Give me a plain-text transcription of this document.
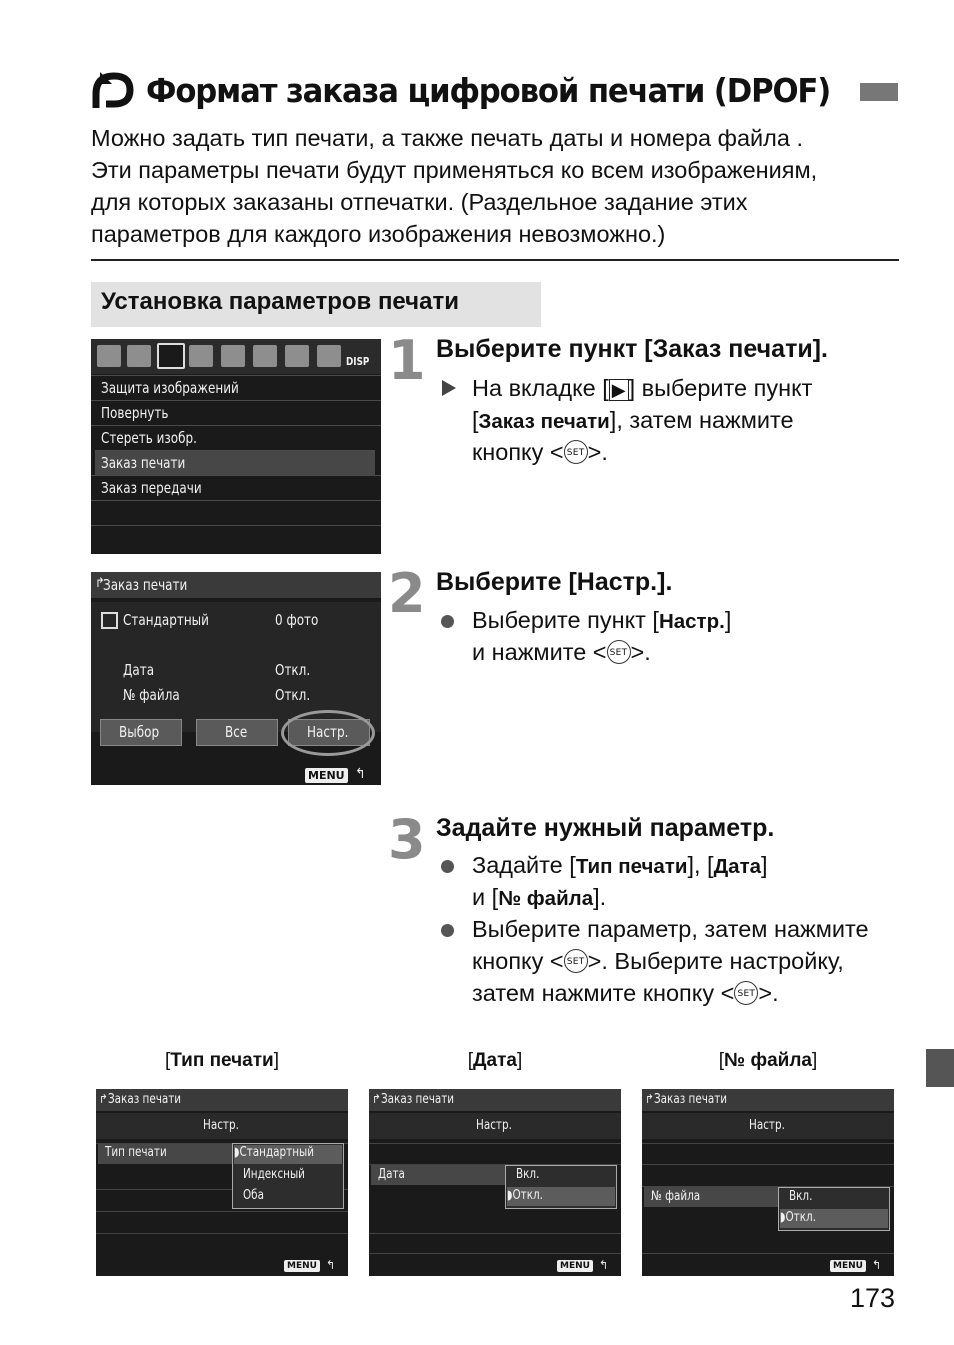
Формат заказа цифровой печати (DPOF)

Можно задать тип печати, а также печать даты и номера файла .

Эти параметры печати будут применяться ко всем изображениям,

для которых заказаны отпечатки. (Раздельное задание этих

параметров для каждого изображения невозможно.)

Установка параметров печати
DISP
Защита изображений
Повернуть
Стереть изобр.
Заказ печати
Заказ передачи
Заказ печати
↱
Стандартный	0 фото
Дата	Откл.
№ файла	Откл.
Выбор	Все	Настр.
MENU ↰
1 Выберите пункт [Заказ печати].
На вкладке [ ▶ ] выберите пункт
[Заказ печати], затем нажмите
кнопку < SET >.
2 Выберите [Настр.].
Выберите пункт [Настр.]
и нажмите < SET >.
3 Задайте нужный параметр.
Задайте [Тип печати], [Дата]
и [№ файла].
Выберите параметр, затем нажмите
кнопку < SET >. Выберите настройку,
затем нажмите кнопку < SET >.
[Тип печати]	[Дата]	[№ файла]
Заказ печати
↱
Настр.
Тип печати	◗Стандартный
Индексный
Оба
MENU ↰
Заказ печати
↱
Настр.
Дата	Вкл.
◗Откл.
MENU ↰
Заказ печати
↱
Настр.
№ файла	Вкл.
◗Откл.
MENU ↰
173
